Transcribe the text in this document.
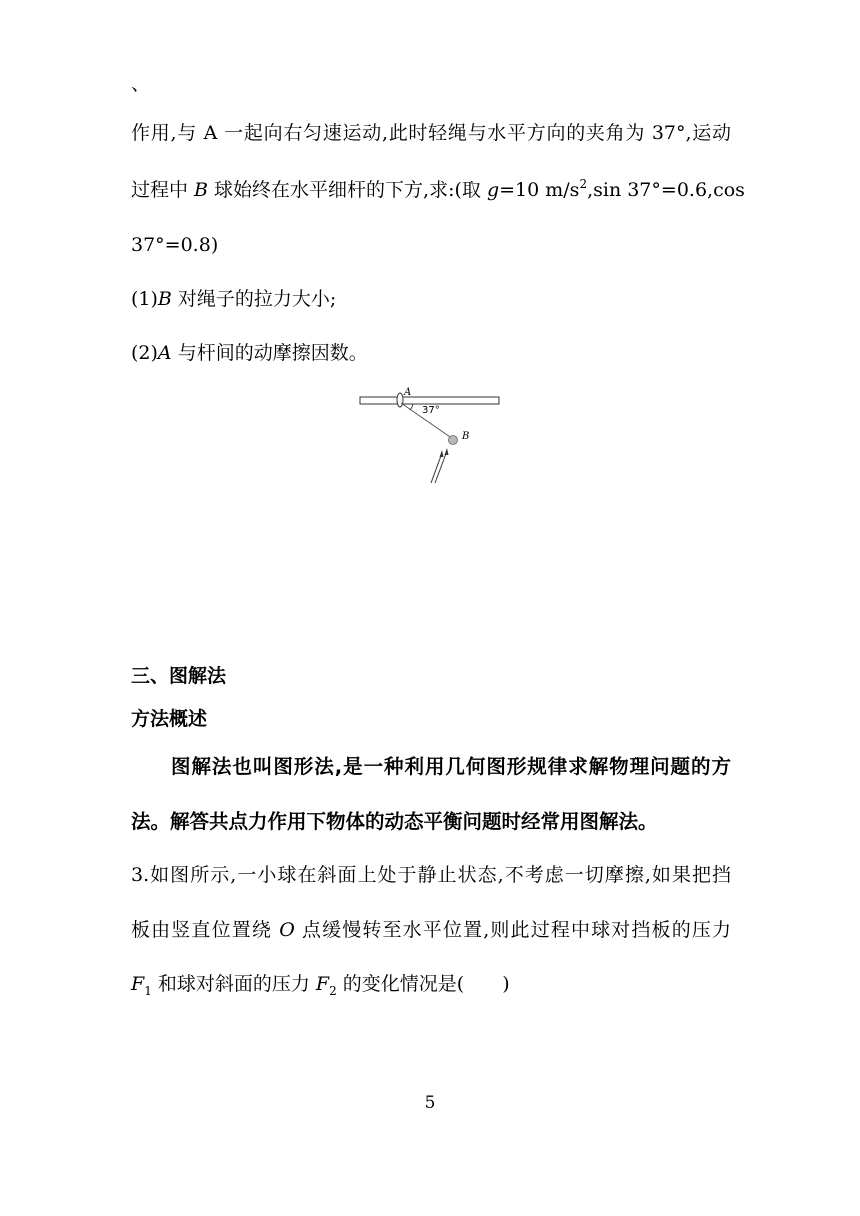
、
作用,与 A 一起向右匀速运动,此时轻绳与水平方向的夹角为 37°,运动
过程中 B 球始终在水平细杆的下方,求:(取 g=10 $m/s^2,\sin$ 37°=0.6,cos
37°=0.8)
(1)B 对绳子的拉力大小;
(2)A 与杆间的动摩擦因数。
A
37°
B
三、图解法
方法概述
图解法也叫图形法,是一种利用几何图形规律求解物理问题的方
法。解答共点力作用下物体的动态平衡问题时经常用图解法。
3.如图所示,一小球在斜面上处于静止状态,不考虑一切摩擦,如果把挡
板由竖直位置绕 O 点缓慢转至水平位置,则此过程中球对挡板的压力
$F_1$ 和球对斜面的压力 $F_2$ 的变化情况是(　　)
5
